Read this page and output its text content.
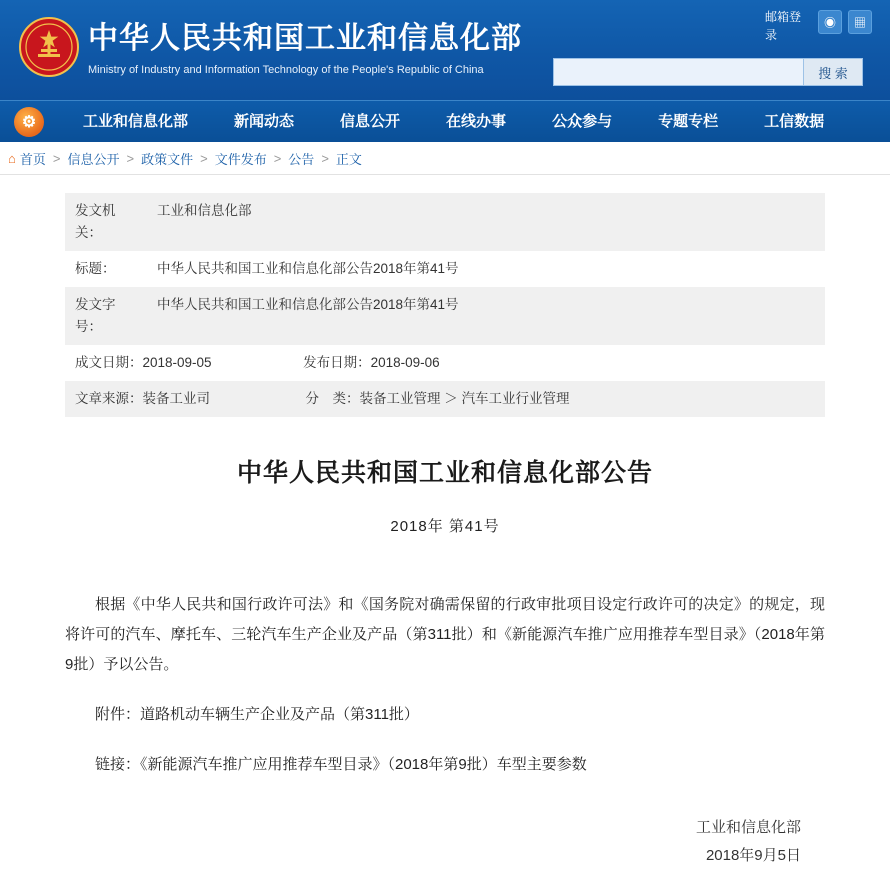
中华人民共和国工业和信息化部
Ministry of Industry and Information Technology of the People's Republic of China
邮箱登录
◉	▦
搜 索
⚙	工业和信息化部	新闻动态	信息公开	在线办事	公众参与	专题专栏	工信数据
⌂ 首页 > 信息公开 > 政策文件 > 文件发布 > 公告 > 正文
发文机关：	工业和信息化部
标题：	中华人民共和国工业和信息化部公告2018年第41号
发文字号：	中华人民共和国工业和信息化部公告2018年第41号
成文日期：2018-09-05 发布日期：2018-09-06	
文章来源：装备工业司 分　类：装备工业管理 ＞ 汽车工业行业管理	
中华人民共和国工业和信息化部公告
2018年 第41号

根据《中华人民共和国行政许可法》和《国务院对确需保留的行政审批项目设定行政许可的决定》的规定，现将许可的汽车、摩托车、三轮汽车生产企业及产品（第311批）和《新能源汽车推广应用推荐车型目录》（2018年第9批）予以公告。

附件：道路机动车辆生产企业及产品（第311批）

链接：《新能源汽车推广应用推荐车型目录》（2018年第9批）车型主要参数

工业和信息化部
2018年9月5日
